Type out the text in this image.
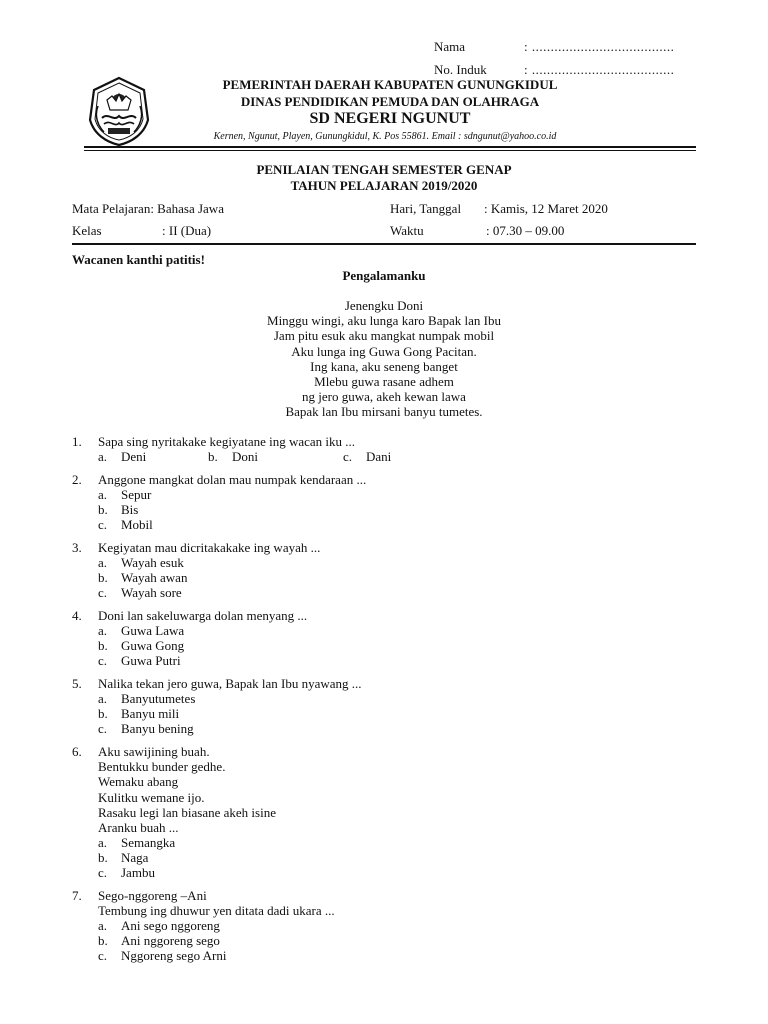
Nama	: ......................................
No. Induk	: ......................................
PEMERINTAH DAERAH KABUPATEN GUNUNGKIDUL
DINAS PENDIDIKAN PEMUDA DAN OLAHRAGA
SD NEGERI NGUNUT
Kernen, Ngunut, Playen, Gunungkidul, K. Pos 55861. Email : sdngunut@yahoo.co.id
PENILAIAN TENGAH SEMESTER GENAP
TAHUN PELAJARAN 2019/2020
Mata Pelajaran: Bahasa Jawa	Hari, Tanggal : Kamis, 12 Maret 2020
Kelas	: II (Dua)	Waktu	: 07.30 – 09.00
Wacanen kanthi patitis!
Pengalamanku
Jenengku Doni
Minggu wingi, aku lunga karo Bapak lan Ibu
Jam pitu esuk aku mangkat numpak mobil
Aku lunga ing Guwa Gong Pacitan.
Ing kana, aku seneng banget
Mlebu guwa rasane adhem
ng jero guwa, akeh kewan lawa
Bapak lan Ibu mirsani banyu tumetes.
1. Sapa sing nyritakake kegiyatane ing wacan iku ...
a. Deni	b. Doni	c. Dani
2. Anggone mangkat dolan mau numpak kendaraan ...
a. Sepur
b. Bis
c. Mobil
3. Kegiyatan mau dicritakakake ing wayah ...
a. Wayah esuk
b. Wayah awan
c. Wayah sore
4. Doni lan sakeluwarga dolan menyang ...
a. Guwa Lawa
b. Guwa Gong
c. Guwa Putri
5. Nalika tekan jero guwa, Bapak lan Ibu nyawang ...
a. Banyutumetes
b. Banyu mili
c. Banyu bening
6. Aku sawijining buah.
Bentukku bunder gedhe.
Wemaku abang
Kulitku wemane ijo.
Rasaku legi lan biasane akeh isine
Aranku buah ...
a. Semangka
b. Naga
c. Jambu
7. Sego-nggoreng –Ani
Tembung ing dhuwur yen ditata dadi ukara ...
a. Ani sego nggoreng
b. Ani nggoreng sego
c. Nggoreng sego Arni
